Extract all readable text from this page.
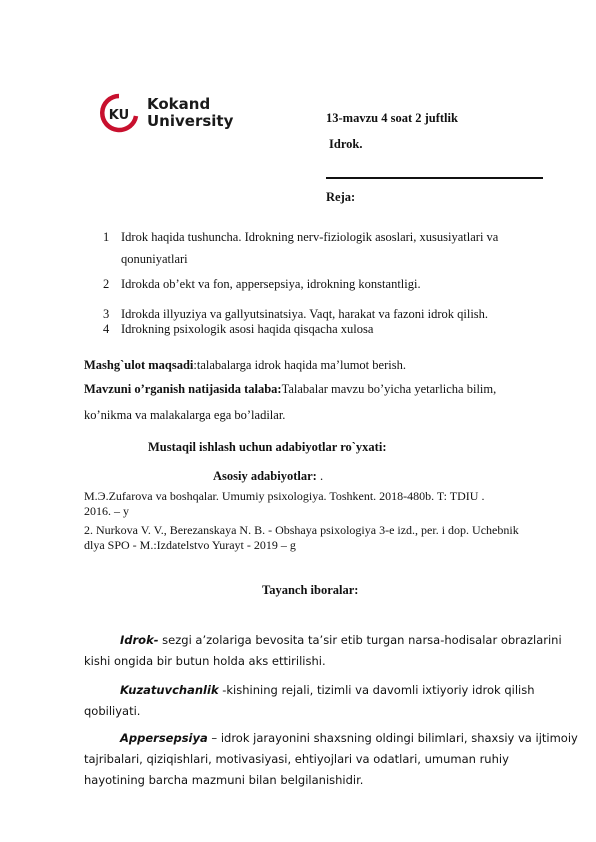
KU
Kokand
University	13-mavzu 4 soat 2 juftlik
Idrok.
Reja:
1 Idrok haqida tushuncha. Idrokning nerv-fiziologik asoslari, xususiyatlari va
qonuniyatlari
2 Idrokda ob’ekt va fon, appersepsiya, idrokning konstantligi.
3 Idrokda illyuziya va gallyutsinatsiya. Vaqt, harakat va fazoni idrok qilish.
4 Idrokning psixologik asosi haqida qisqacha xulosa
Mashg`ulot maqsadi:talabalarga idrok haqida ma’lumot berish.
Mavzuni o’rganish natijasida talaba:Talabalar mavzu bo’yicha yetarlicha bilim,
ko’nikma va malakalarga ega bo’ladilar.
Mustaqil ishlash uchun adabiyotlar ro`yxati:
Asosiy adabiyotlar: .
M.Э.Zufarova va boshqalar. Umumiy psixologiya. Toshkent. 2018-480b. T: TDIU .
2016. – y
2. Nurkova V. V., Berezanskaya N. B. - Obshaya psixologiya 3-e izd., per. i dop. Uchebnik
dlya SPO - M.:Izdatelstvo Yurayt - 2019 – g
Tayanch iboralar:
Idrok- sezgi a’zolariga bevosita ta’sir etib turgan narsa-hodisalar obrazlarini
kishi ongida bir butun holda aks ettirilishi.
Kuzatuvchanlik -kishining rejali, tizimli va davomli ixtiyoriy idrok qilish
qobiliyati.
Appersepsiya – idrok jarayonini shaxsning oldingi bilimlari, shaxsiy va ijtimoiy
tajribalari, qiziqishlari, motivasiyasi, ehtiyojlari va odatlari, umuman ruhiy
hayotining barcha mazmuni bilan belgilanishidir.
